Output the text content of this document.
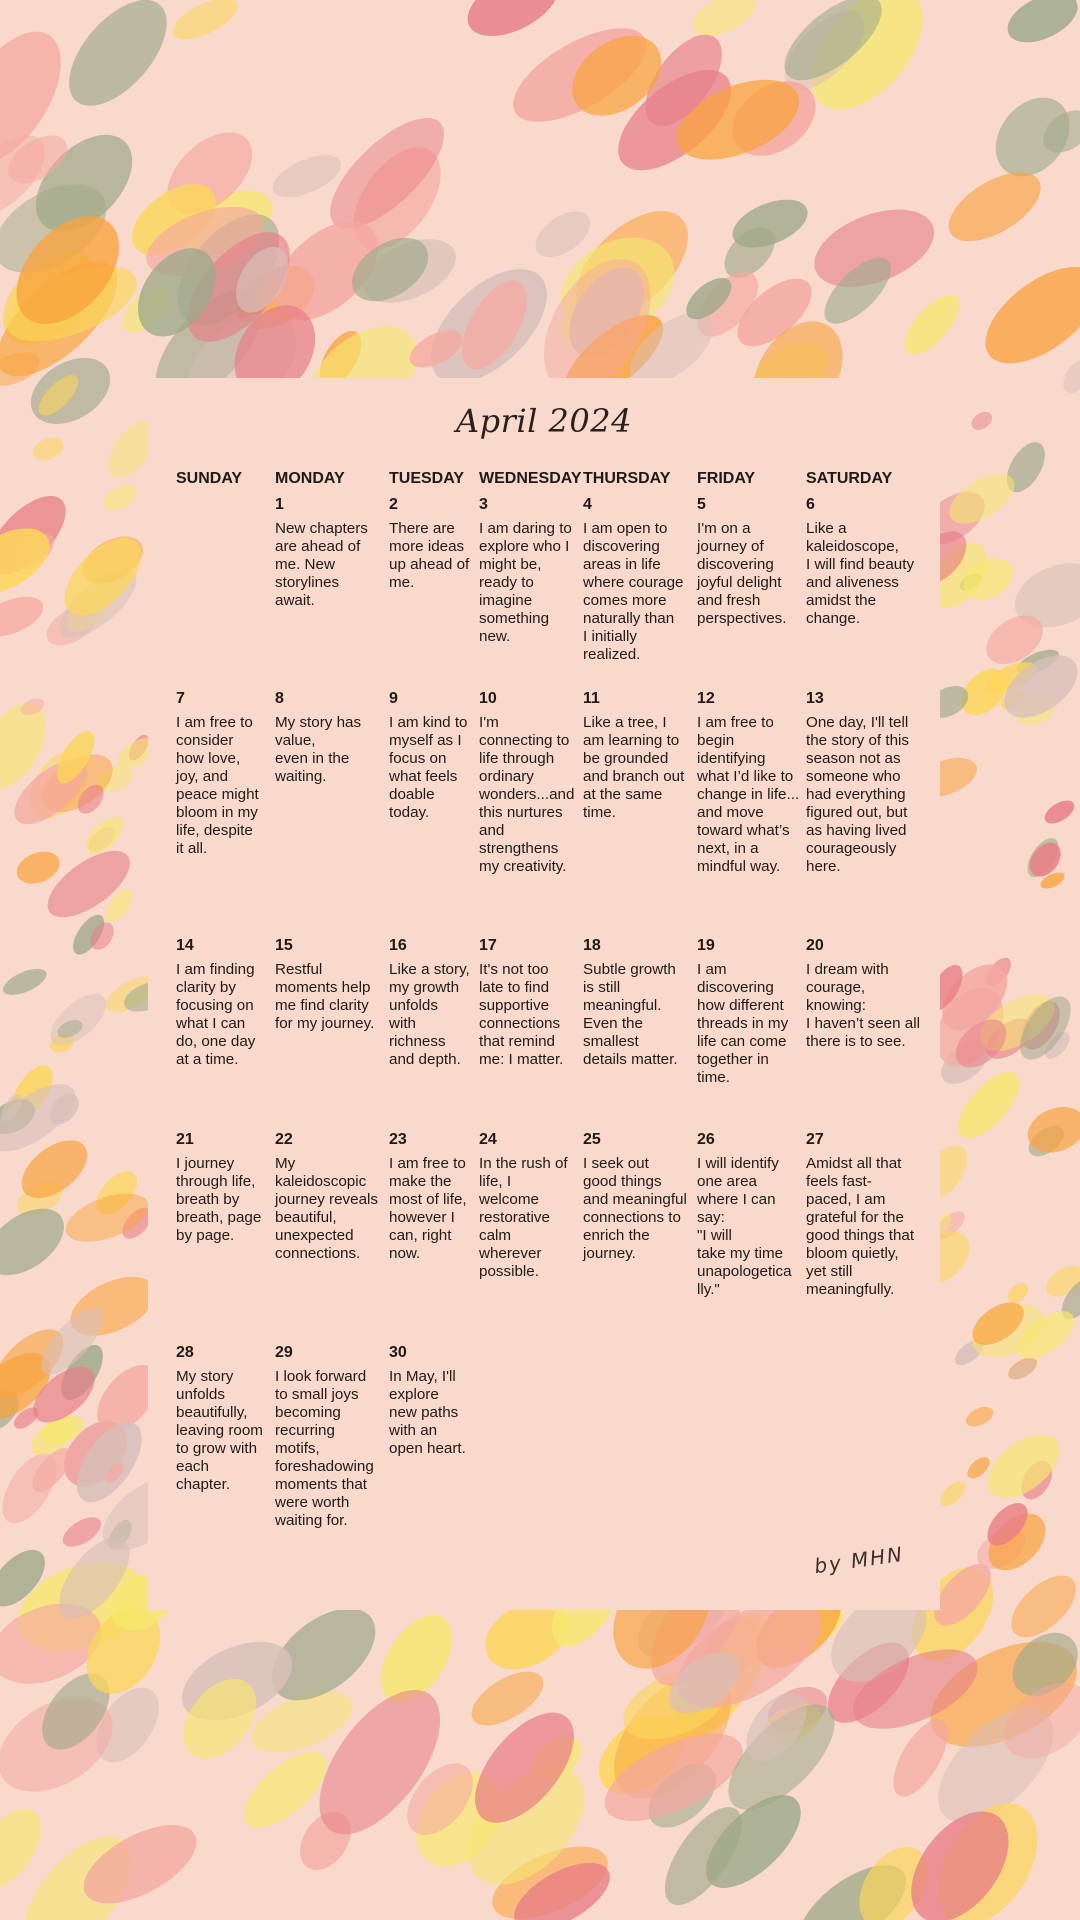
April 2024
SUNDAY MONDAY	TUESDAY WEDNESDAY THURSDAY FRIDAY	SATURDAY
1

New chapters
are ahead of
me. New
storylines
await.

2

There are
more ideas
up ahead of
me.

3

I am daring to
explore who I
might be,
ready to
imagine
something
new.

4

I am open to
discovering
areas in life
where courage
comes more
naturally than
I initially
realized.

5

I'm on a
journey of
discovering
joyful delight
and fresh
perspectives.

6

Like a
kaleidoscope,
I will find beauty
and aliveness
amidst the
change.

7

I am free to
consider
how love,
joy, and
peace might
bloom in my
life, despite
it all.

8

My story has
value,
even in the
waiting.

9

I am kind to
myself as I
focus on
what feels
doable
today.

10

I'm
connecting to
life through
ordinary
wonders...and
this nurtures
and
strengthens
my creativity.

11

Like a tree, I
am learning to
be grounded
and branch out
at the same
time.

12

I am free to
begin
identifying
what I’d like to
change in life...
and move
toward what’s
next, in a
mindful way.

13

One day, I'll tell
the story of this
season not as
someone who
had everything
figured out, but
as having lived
courageously
here.

14

I am finding
clarity by
focusing on
what I can
do, one day
at a time.

15

Restful
moments help
me find clarity
for my journey.

16

Like a story,
my growth
unfolds
with
richness
and depth.

17

It's not too
late to find
supportive
connections
that remind
me: I matter.

18

Subtle growth
is still
meaningful.
Even the
smallest
details matter.

19

I am
discovering
how different
threads in my
life can come
together in
time.

20

I dream with
courage,
knowing:
I haven’t seen all
there is to see.

21

I journey
through life,
breath by
breath, page
by page.

22

My
kaleidoscopic
journey reveals
beautiful,
unexpected
connections.

23

I am free to
make the
most of life,
however I
can, right
now.

24

In the rush of
life, I
welcome
restorative
calm
wherever
possible.

25

I seek out
good things
and meaningful
connections to
enrich the
journey.

26

I will identify
one area
where I can
say:
"I will
take my time
unapologetica
lly."

27

Amidst all that
feels fast-
paced, I am
grateful for the
good things that
bloom quietly,
yet still
meaningfully.

28

My story
unfolds
beautifully,
leaving room
to grow with
each
chapter.

29

I look forward
to small joys
becoming
recurring
motifs,
foreshadowing
moments that
were worth
waiting for.

30

In May, I'll
explore
new paths
with an
open heart.

by MHN
